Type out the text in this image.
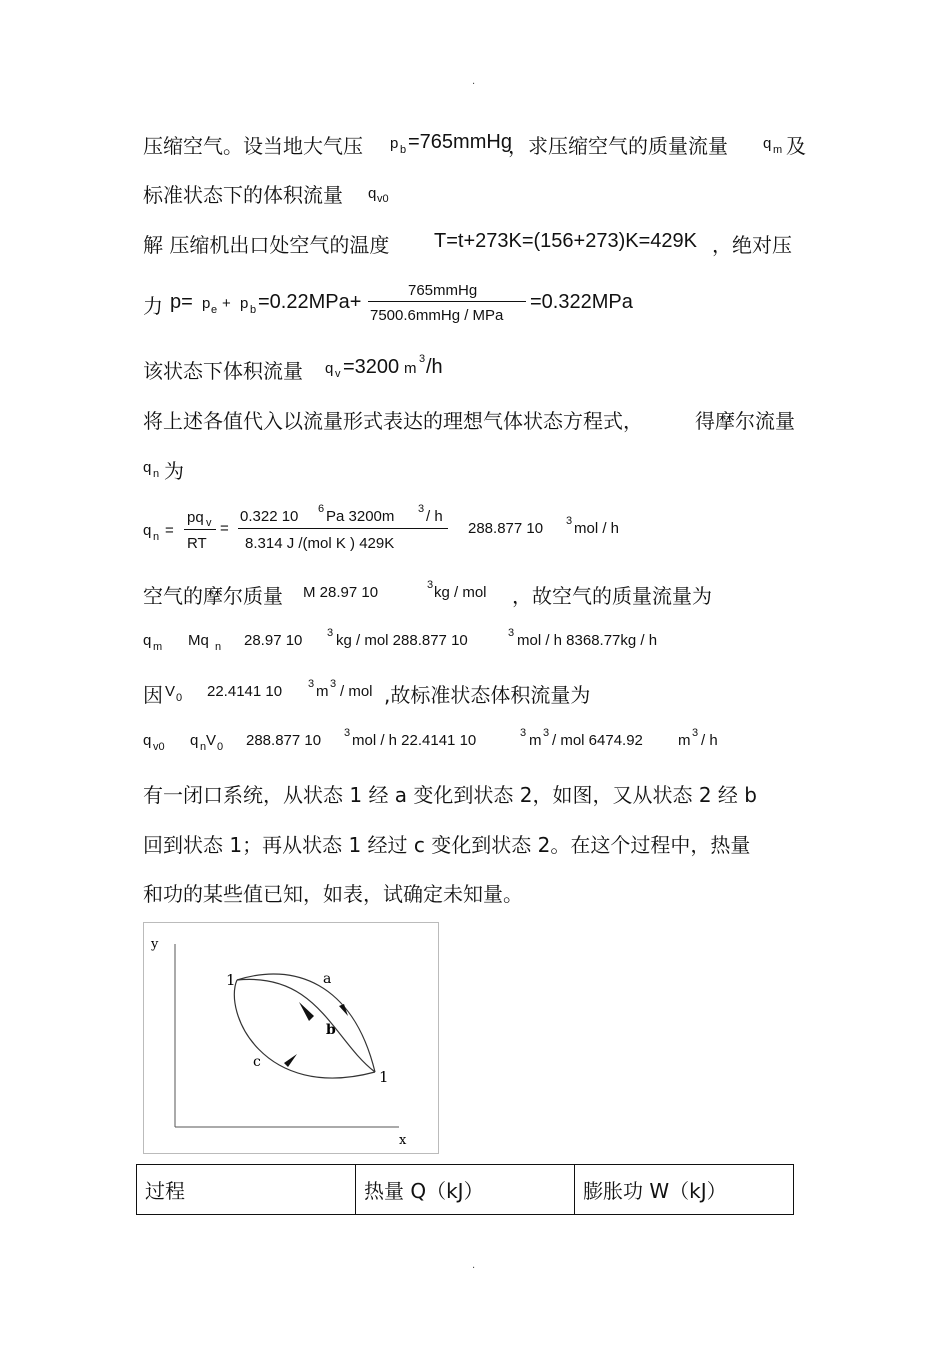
.
压缩空气。设当地大气压 p b =765mmHg
，求压缩空气的质量流量 q m 及
标准状态下的体积流量 q v0
解 压缩机出口处空气的温度 T=t+273K=(156+273)K=429K ，绝对压
力 p= p e + p b =0.22MPa+
765mmHg
7500.6mmHg / MPa
=0.322MPa
该状态下体积流量 q v =3200 m
3 /h
将上述各值代入以流量形式表达的理想气体状态方程式，	得摩尔流量
q n 为
q n =
pq v
RT
=
0.322 10 6 Pa 3200m 3 / h
8.314 J /(mol K ) 429K
288.877 10 3 mol / h
空气的摩尔质量 M 28.97 10	3 kg / mol ，故空气的质量流量为
q m Mq n 28.97 10 3 kg / mol 288.877 10	3 mol / h 8368.77kg / h
因 V 0 22.4141 10 3 m 3 / mol ,故标准状态体积流量为
q v0 q n V 0 288.877 10 3 mol / h 22.4141 10	3 m 3 / mol 6474.92 m 3 / h
有一闭口系统，从状态 1 经 a 变化到状态 2，如图，又从状态 2 经 b
回到状态 1；再从状态 1 经过 c 变化到状态 2。在这个过程中，热量
和功的某些值已知，如表，试确定未知量。
y
x
1
1
a
b
c
过程	热量 Q（kJ）	膨胀功 W（kJ）
.
